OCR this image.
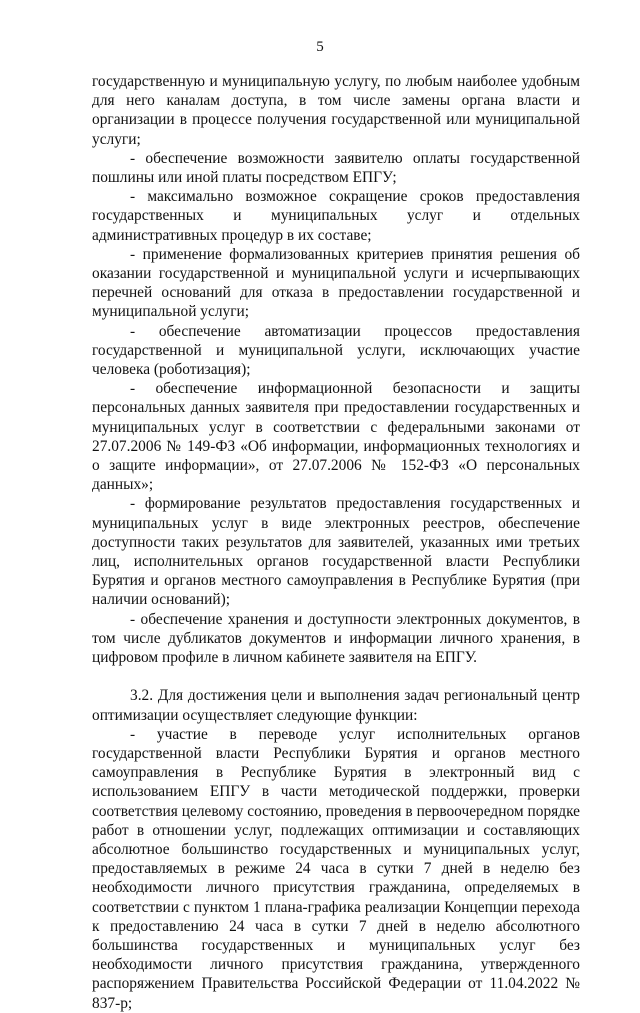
5

государственную и муниципальную услугу, по любым наиболее удобным для него каналам доступа, в том числе замены органа власти и организации в процессе получения государственной или муниципальной услуги;

- обеспечение возможности заявителю оплаты государственной пошлины или иной платы посредством ЕПГУ;

- максимально возможное сокращение сроков предоставления государственных и муниципальных услуг и отдельных административных процедур в их составе;

- применение формализованных критериев принятия решения об оказании государственной и муниципальной услуги и исчерпывающих перечней оснований для отказа в предоставлении государственной и муниципальной услуги;

- обеспечение автоматизации процессов предоставления государственной и муниципальной услуги, исключающих участие человека (роботизация);

- обеспечение информационной безопасности и защиты персональных данных заявителя при предоставлении государственных и муниципальных услуг в соответствии с федеральными законами от 27.07.2006 № 149-ФЗ «Об информации, информационных технологиях и о защите информации», от 27.07.2006 № 152-ФЗ «О персональных данных»;

- формирование результатов предоставления государственных и муниципальных услуг в виде электронных реестров, обеспечение доступности таких результатов для заявителей, указанных ими третьих лиц, исполнительных органов государственной власти Республики Бурятия и органов местного самоуправления в Республике Бурятия (при наличии оснований);

- обеспечение хранения и доступности электронных документов, в том числе дубликатов документов и информации личного хранения, в цифровом профиле в личном кабинете заявителя на ЕПГУ.

3.2. Для достижения цели и выполнения задач региональный центр оптимизации осуществляет следующие функции:

- участие в переводе услуг исполнительных органов государственной власти Республики Бурятия и органов местного самоуправления в Республике Бурятия в электронный вид с использованием ЕПГУ в части методической поддержки, проверки соответствия целевому состоянию, проведения в первоочередном порядке работ в отношении услуг, подлежащих оптимизации и составляющих абсолютное большинство государственных и муниципальных услуг, предоставляемых в режиме 24 часа в сутки 7 дней в неделю без необходимости личного присутствия гражданина, определяемых в соответствии с пунктом 1 плана-графика реализации Концепции перехода к предоставлению 24 часа в сутки 7 дней в неделю абсолютного большинства государственных и муниципальных услуг без необходимости личного присутствия гражданина, утвержденного распоряжением Правительства Российской Федерации от 11.04.2022 № 837-р;
